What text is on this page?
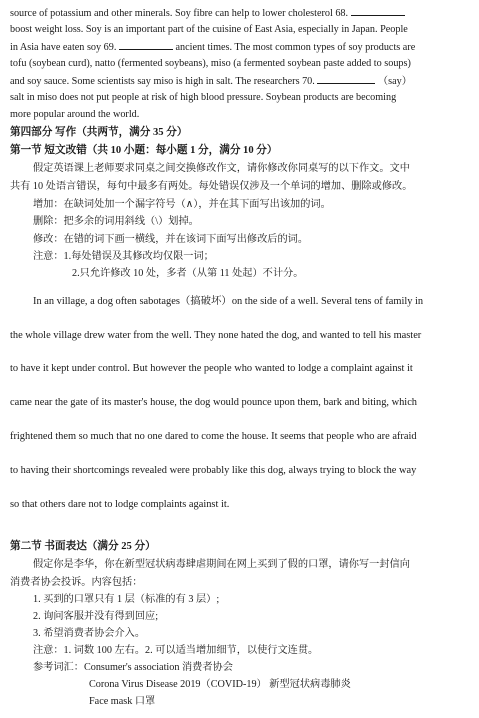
source of potassium and other minerals. Soy fibre can help to lower cholesterol 68.
boost weight loss. Soy is an important part of the cuisine of East Asia, especially in Japan. People
in Asia have eaten soy 69.	ancient times. The most common types of soy products are
tofu (soybean curd), natto (fermented soybeans), miso (a fermented soybean paste added to soups)
and soy sauce. Some scientists say miso is high in salt. The researchers 70.	（say）
salt in miso does not put people at risk of high blood pressure. Soybean products are becoming
more popular around the world.
第四部分 写作（共两节，满分 35 分）
第一节 短文改错（共 10 小题：每小题 1 分，满分 10 分）
假定英语课上老师要求同桌之间交换修改作文，请你修改你同桌写的以下作文。文中
共有 10 处语言错误，每句中最多有两处。每处错误仅涉及一个单词的增加、删除或修改。
增加：在缺词处加一个漏字符号（∧），并在其下面写出该加的词。
删除：把多余的词用斜线（\）划掉。
修改：在错的词下画一横线，并在该词下面写出修改后的词。
注意：1.每处错误及其修改均仅限一词；
2.只允许修改 10 处，多者（从第 11 处起）不计分。
In an village, a dog often sabotages（搞破坏）on the side of a well. Several tens of family in
the whole village drew water from the well. They none hated the dog, and wanted to tell his master
to have it kept under control. But however the people who wanted to lodge a complaint against it
came near the gate of its master's house, the dog would pounce upon them, bark and biting, which
frightened them so much that no one dared to come the house. It seems that people who are afraid
to having their shortcomings revealed were probably like this dog, always trying to block the way
so that others dare not to lodge complaints against it.
第二节 书面表达（满分 25 分）
假定你是李华，你在新型冠状病毒肆虐期间在网上买到了假的口罩，请你写一封信向
消费者协会投诉。内容包括：
1. 买到的口罩只有 1 层（标准的有 3 层）;
2. 询问客服并没有得到回应;
3. 希望消费者协会介入。
注意：1. 词数 100 左右。2. 可以适当增加细节，以使行文连贯。
参考词汇：Consumer's association 消费者协会
Corona Virus Disease 2019（COVID-19） 新型冠状病毒肺炎
Face mask 口罩
